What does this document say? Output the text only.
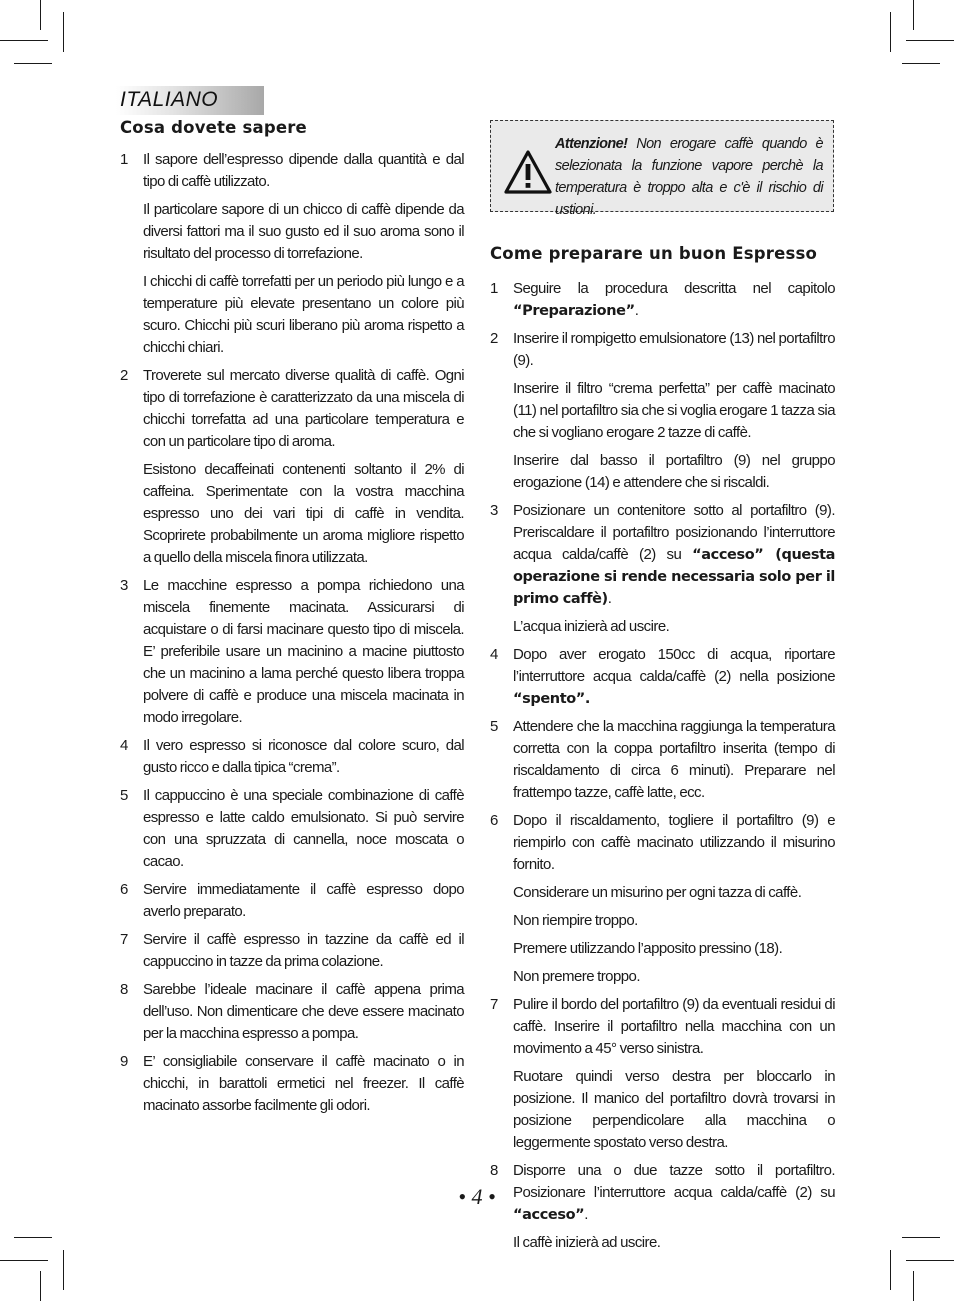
ITALIANO
Cosa dovete sapere
1 Il sapore dell’espresso dipende dalla quantità e dal tipo di caffè utilizzato.

Il particolare sapore di un chicco di caffè dipende da diversi fattori ma il suo gusto ed il suo aroma sono il risultato del processo di torrefazione.

I chicchi di caffè torrefatti per un periodo più lungo e a temperature più elevate presentano un colore più scuro. Chicchi più scuri liberano più aroma rispetto a chicchi chiari.

2 Troverete sul mercato diverse qualità di caffè. Ogni tipo di torrefazione è caratterizzato da una miscela di chicchi torrefatta ad una particolare temperatura e con un particolare tipo di aroma.

Esistono decaffeinati contenenti soltanto il 2% di caffeina. Sperimentate con la vostra macchina espresso uno dei vari tipi di caffè in vendita. Scoprirete probabilmente un aroma migliore rispetto a quello della miscela finora utilizzata.

3 Le macchine espresso a pompa richiedono una miscela finemente macinata. Assicurarsi di acquistare o di farsi macinare questo tipo di miscela. E’ preferibile usare un macinino a macine piuttosto che un macinino a lama perché questo libera troppa polvere di caffè e produce una miscela macinata in modo irregolare.

4 Il vero espresso si riconosce dal colore scuro, dal gusto ricco e dalla tipica “crema”.

5 Il cappuccino è una speciale combinazione di caffè espresso e latte caldo emulsionato. Si può servire con una spruzzata di cannella, noce moscata o cacao.

6 Servire immediatamente il caffè espresso dopo averlo preparato.

7 Servire il caffè espresso in tazzine da caffè ed il cappuccino in tazze da prima colazione.

8 Sarebbe l’ideale macinare il caffè appena prima dell’uso. Non dimenticare che deve essere macinato per la macchina espresso a pompa.

9 E’ consigliabile conservare il caffè macinato o in chicchi, in barattoli ermetici nel freezer. Il caffè macinato assorbe facilmente gli odori.

Attenzione! Non erogare caffè quando è selezionata la funzione vapore perchè la temperatura è troppo alta e c'è il rischio di ustioni.
Come preparare un buon Espresso
1 Seguire la procedura descritta nel capitolo “Preparazione”.

2 Inserire il rompigetto emulsionatore (13) nel portafiltro (9).

Inserire il filtro “crema perfetta” per caffè macinato (11) nel portafiltro sia che si voglia erogare 1 tazza sia che si vogliano erogare 2 tazze di caffè.

Inserire dal basso il portafiltro (9) nel gruppo erogazione (14) e attendere che si riscaldi.

3 Posizionare un contenitore sotto al portafiltro (9). Preriscaldare il portafiltro posizionando l’interruttore acqua calda/caffè (2) su “acceso” (questa operazione si rende necessaria solo per il primo caffè).

L’acqua inizierà ad uscire.

4 Dopo aver erogato 150cc di acqua, riportare l’interruttore acqua calda/caffè (2) nella posizione “spento”.

5 Attendere che la macchina raggiunga la temperatura corretta con la coppa portafiltro inserita (tempo di riscaldamento di circa 6 minuti). Preparare nel frattempo tazze, caffè latte, ecc.

6 Dopo il riscaldamento, togliere il portafiltro (9) e riempirlo con caffè macinato utilizzando il misurino fornito.

Considerare un misurino per ogni tazza di caffè.

Non riempire troppo.

Premere utilizzando l’apposito pressino (18).

Non premere troppo.

7 Pulire il bordo del portafiltro (9) da eventuali residui di caffè. Inserire il portafiltro nella macchina con un movimento a 45° verso sinistra.

Ruotare quindi verso destra per bloccarlo in posizione. Il manico del portafiltro dovrà trovarsi in posizione perpendicolare alla macchina o leggermente spostato verso destra.

8 Disporre una o due tazze sotto il portafiltro. Posizionare l’interruttore acqua calda/caffè (2) su “acceso”.

Il caffè inizierà ad uscire.

• 4 •
